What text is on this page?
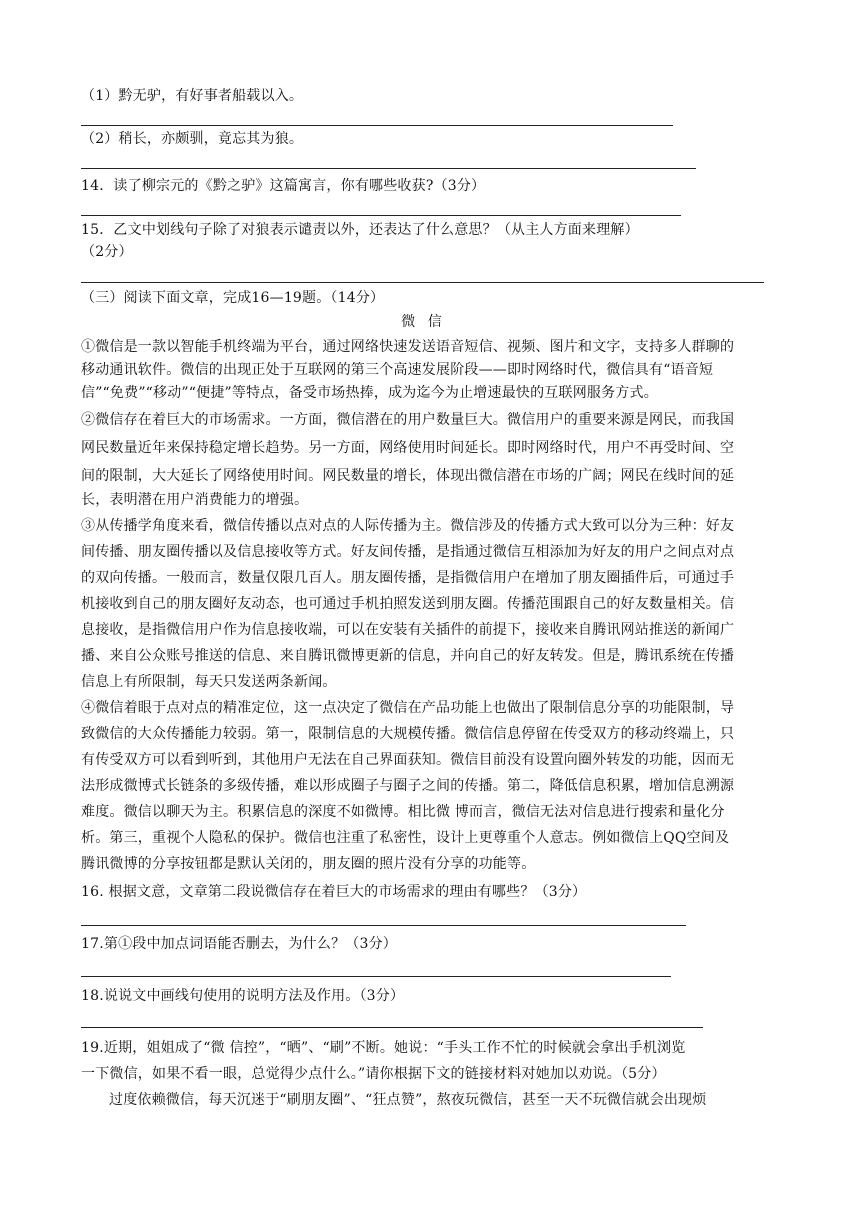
（1）黔无驴，有好事者船载以入。
（2）稍长，亦颇驯，竟忘其为狼。
14．读了柳宗元的《黔之驴》这篇寓言，你有哪些收获?（3分）
15．乙文中划线句子除了对狼表示谴责以外，还表达了什么意思？（从主人方面来理解）
（2分）
（三）阅读下面文章，完成16—19题。（14分）
微 信
①微信是一款以智能手机终端为平台，通过网络快速发送语音短信、视频、图片和文字，支持多人群聊的
移动通讯软件。微信的出现正处于互联网的第三个高速发展阶段——即时网络时代，微信具有“语音短
信”“免费”“移动”“便捷”等特点，备受市场热捧，成为迄今为止增速最快的互联网服务方式。
②微信存在着巨大的市场需求。一方面，微信潜在的用户数量巨大。微信用户的重要来源是网民，而我国
网民数量近年来保持稳定增长趋势。另一方面，网络使用时间延长。即时网络时代，用户不再受时间、空
间的限制，大大延长了网络使用时间。网民数量的增长，体现出微信潜在市场的广阔；网民在线时间的延
长，表明潜在用户消费能力的增强。
③从传播学角度来看，微信传播以点对点的人际传播为主。微信涉及的传播方式大致可以分为三种：好友
间传播、朋友圈传播以及信息接收等方式。好友间传播，是指通过微信互相添加为好友的用户之间点对点
的双向传播。一般而言，数量仅限几百人。朋友圈传播，是指微信用户在增加了朋友圈插件后，可通过手
机接收到自己的朋友圈好友动态，也可通过手机拍照发送到朋友圈。传播范围跟自己的好友数量相关。信
息接收，是指微信用户作为信息接收端，可以在安装有关插件的前提下，接收来自腾讯网站推送的新闻广
播、来自公众账号推送的信息、来自腾讯微博更新的信息，并向自己的好友转发。但是，腾讯系统在传播
信息上有所限制，每天只发送两条新闻。
④微信着眼于点对点的精准定位，这一点决定了微信在产品功能上也做出了限制信息分享的功能限制，导
致微信的大众传播能力较弱。第一，限制信息的大规模传播。微信信息停留在传受双方的移动终端上，只
有传受双方可以看到听到，其他用户无法在自己界面获知。微信目前没有设置向圈外转发的功能，因而无
法形成微博式长链条的多级传播，难以形成圈子与圈子之间的传播。第二，降低信息积累，增加信息溯源
难度。微信以聊天为主。积累信息的深度不如微博。相比微 博而言，微信无法对信息进行搜索和量化分
析。第三，重视个人隐私的保护。微信也注重了私密性，设计上更尊重个人意志。例如微信上QQ空间及
腾讯微博的分享按钮都是默认关闭的，朋友圈的照片没有分享的功能等。
16. 根据文意，文章第二段说微信存在着巨大的市场需求的理由有哪些？（3分）
17.第①段中加点词语能否删去，为什么？（3分）
18.说说文中画线句使用的说明方法及作用。（3分）
19.近期，姐姐成了“微 信控”，“晒”、“刷”不断。她说：“手头工作不忙的时候就会拿出手机浏览
一下微信，如果不看一眼，总觉得少点什么。”请你根据下文的链接材料对她加以劝说。（5分）
过度依赖微信，每天沉迷于“刷朋友圈”、“狂点赞”，熬夜玩微信，甚至一天不玩微信就会出现烦
